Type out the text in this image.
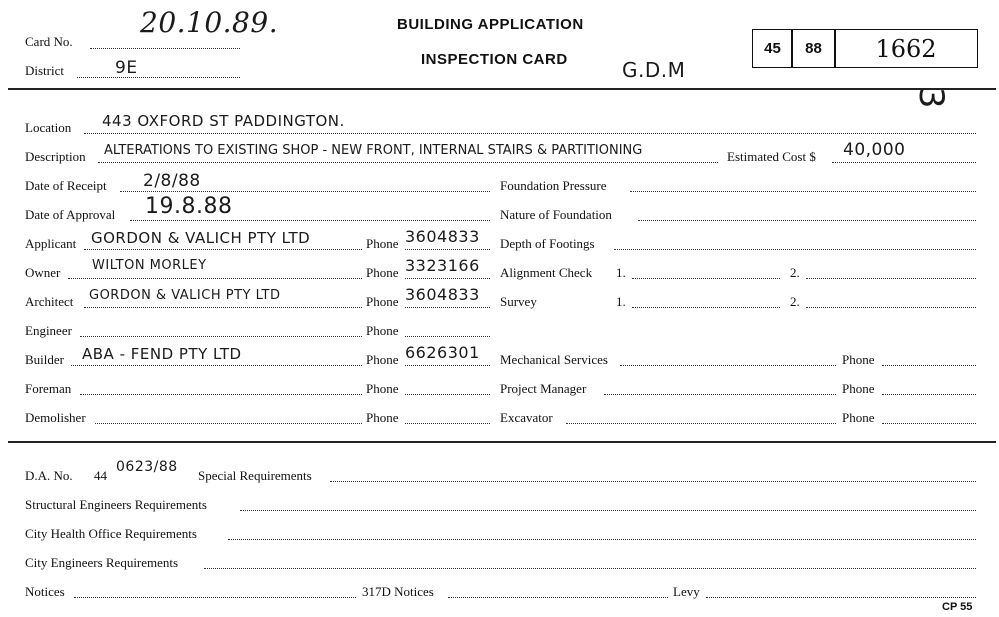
Card No.
20.10.89.
District	9E
BUILDING APPLICATION
INSPECTION CARD	G.D.M
45 88 1662
3
Location 443 OXFORD ST PADDINGTON.
Description ALTERATIONS TO EXISTING SHOP - NEW FRONT, INTERNAL STAIRS & PARTITIONING	Estimated Cost $ 40,000
Date of Receipt 2/8/88
Date of Approval 19.8.88
Applicant GORDON & VALICH PTY LTD	Phone 3604833
Owner WILTON MORLEY	Phone 3323166
Architect GORDON & VALICH PTY LTD	Phone 3604833
Engineer	Phone
Builder ABA - FEND PTY LTD	Phone 6626301
Foreman	Phone
Demolisher	Phone
Foundation Pressure
Nature of Foundation
Depth of Footings
Alignment Check 1.	2.
Survey	1.	2.
Mechanical Services	Phone
Project Manager	Phone
Excavator	Phone
D.A. No. 44
0623/88
Special Requirements
Structural Engineers Requirements
City Health Office Requirements
City Engineers Requirements
Notices	317D Notices	Levy
CP 55
